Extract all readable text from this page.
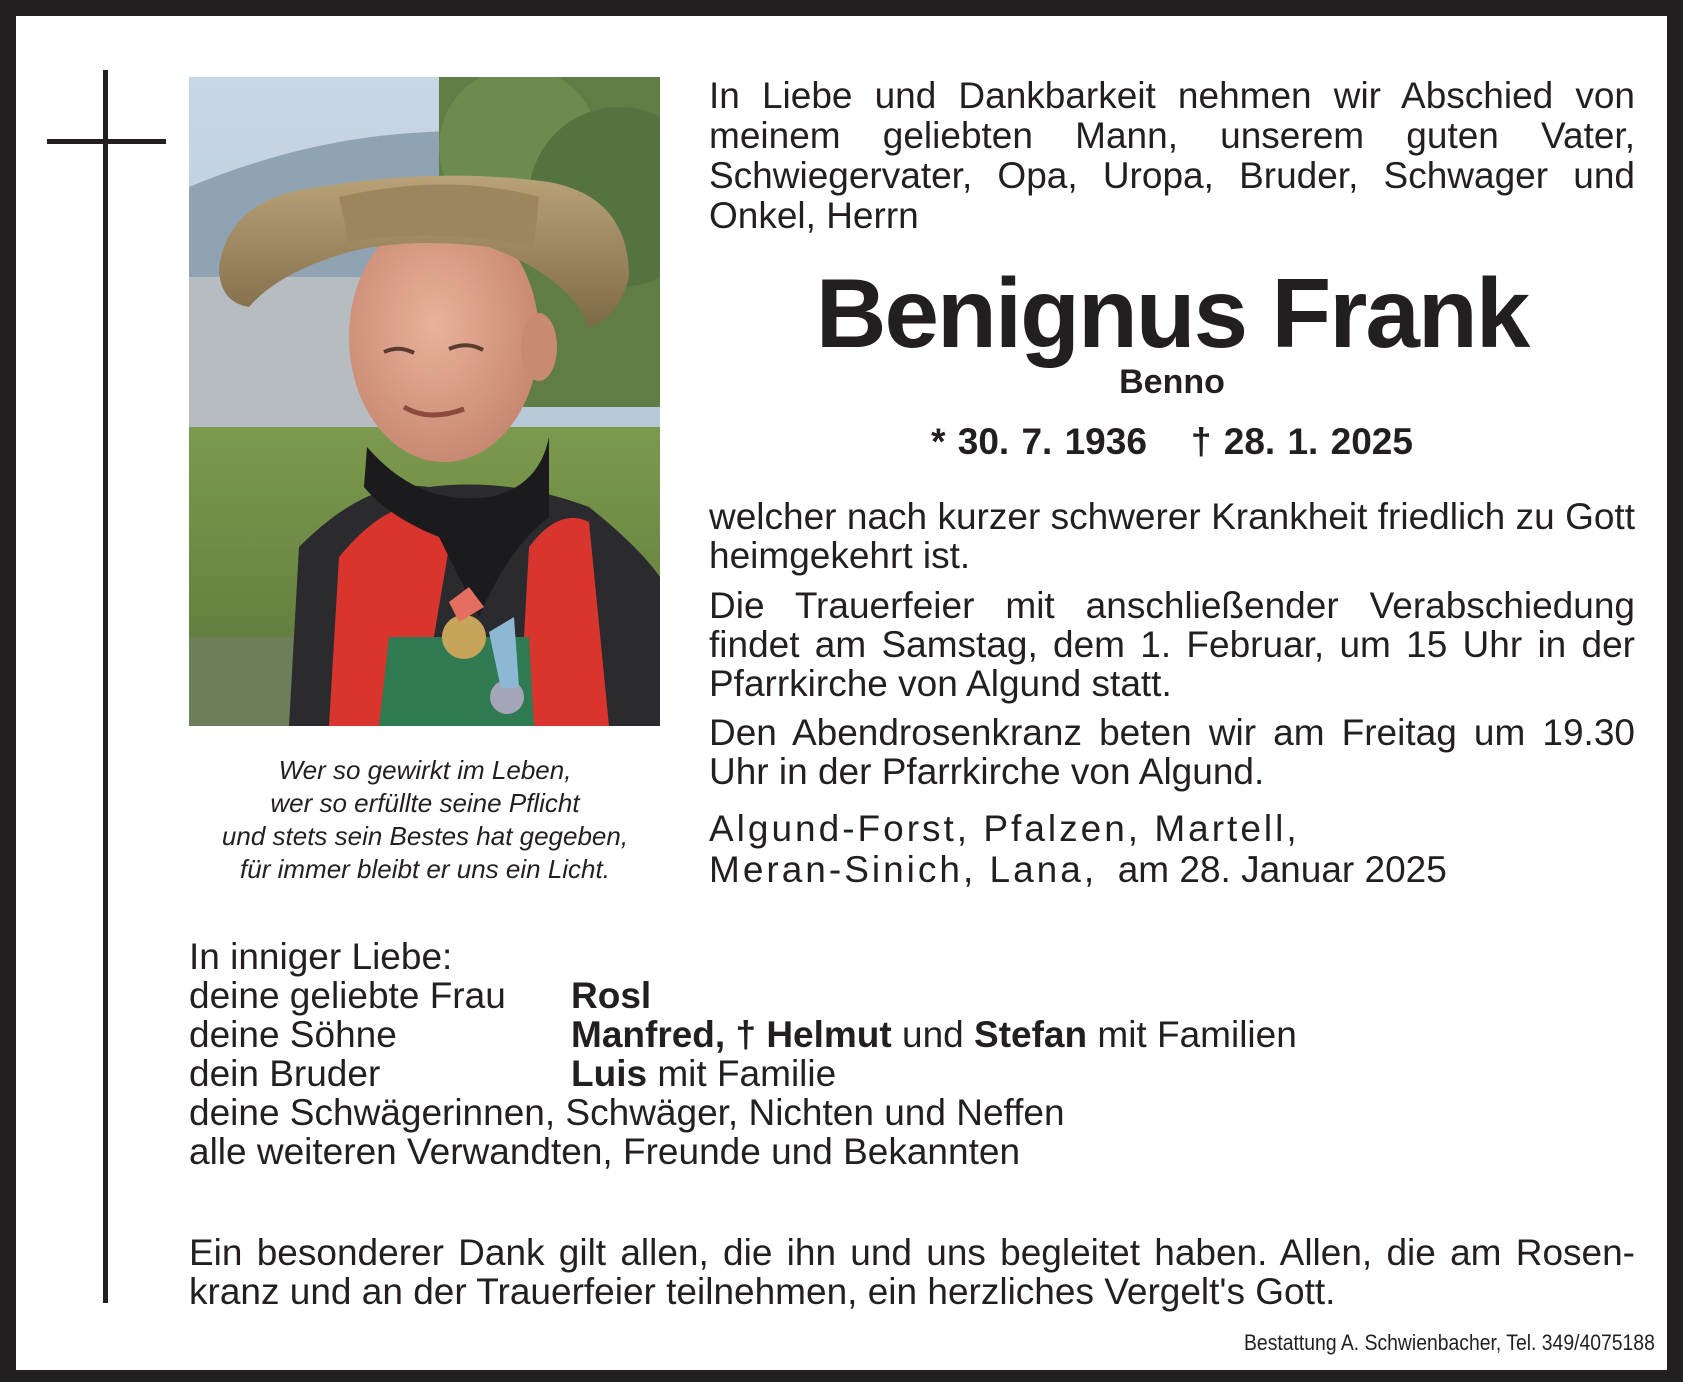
Wer so gewirkt im Leben,
wer so erfüllte seine Pflicht
und stets sein Bestes hat gegeben,
für immer bleibt er uns ein Licht.
In Liebe und Dankbarkeit nehmen wir Abschied von meinem geliebten Mann, unserem guten Vater, Schwiegervater, Opa, Uropa, Bruder, Schwager und Onkel, Herrn
Benignus Frank
Benno
* 30. 7. 1936 † 28. 1. 2025
welcher nach kurzer schwerer Krankheit friedlich zu Gott heimgekehrt ist.
Die Trauerfeier mit anschließender Verabschiedung findet am Samstag, dem 1. Februar, um 15 Uhr in der Pfarrkirche von Algund statt.
Den Abendrosenkranz beten wir am Freitag um 19.30 Uhr in der Pfarrkirche von Algund.
Algund-Forst, Pfalzen, Martell,
Meran-Sinich, Lana, am 28. Januar 2025
In inniger Liebe:
deine geliebte Frau Rosl
deine Söhne	Manfred, † Helmut und Stefan mit Familien
dein Bruder	Luis mit Familie
deine Schwägerinnen, Schwäger, Nichten und Neffen
alle weiteren Verwandten, Freunde und Bekannten
Ein besonderer Dank gilt allen, die ihn und uns begleitet haben. Allen, die am Rosen- kranz und an der Trauerfeier teilnehmen, ein herzliches Vergelt's Gott.
Bestattung A. Schwienbacher, Tel. 349/4075188
